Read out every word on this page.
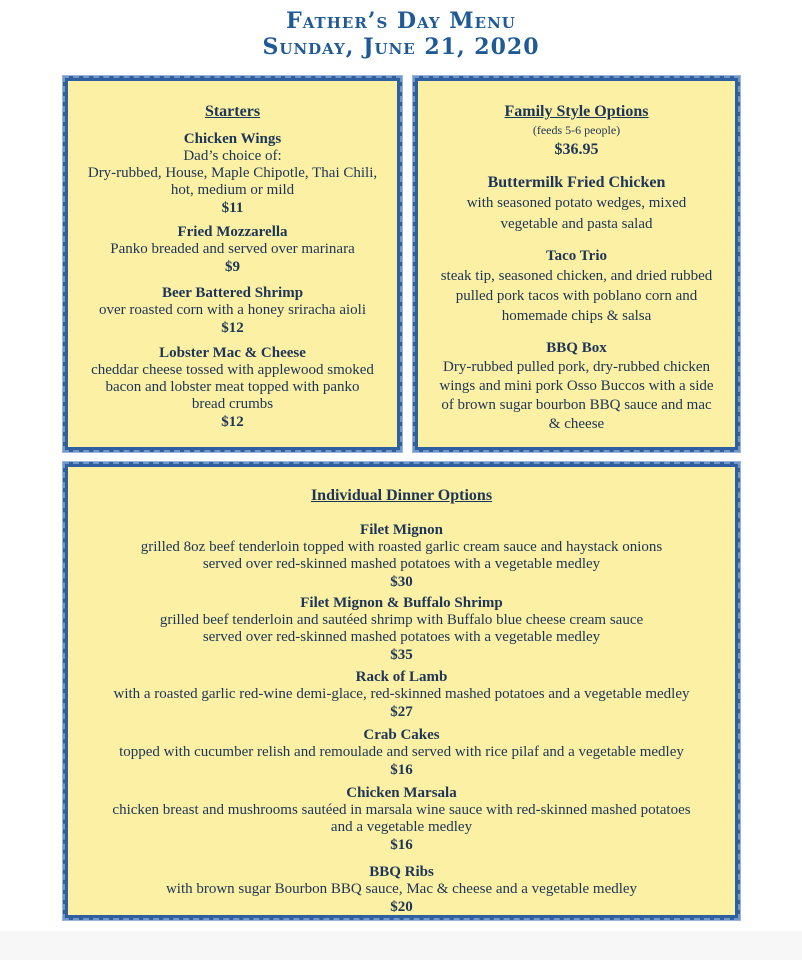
Father’s Day Menu
Sunday, June 21, 2020
Starters
Chicken Wings
Dad’s choice of:
Dry-rubbed, House, Maple Chipotle, Thai Chili,
hot, medium or mild
$11
Fried Mozzarella
Panko breaded and served over marinara
$9
Beer Battered Shrimp
over roasted corn with a honey sriracha aioli
$12
Lobster Mac & Cheese
cheddar cheese tossed with applewood smoked
bacon and lobster meat topped with panko
bread crumbs
$12
Family Style Options
(feeds 5-6 people)
$36.95
Buttermilk Fried Chicken
with seasoned potato wedges, mixed
vegetable and pasta salad
Taco Trio
steak tip, seasoned chicken, and dried rubbed
pulled pork tacos with poblano corn and
homemade chips & salsa
BBQ Box
Dry-rubbed pulled pork, dry-rubbed chicken
wings and mini pork Osso Buccos with a side
of brown sugar bourbon BBQ sauce and mac
& cheese
Individual Dinner Options
Filet Mignon
grilled 8oz beef tenderloin topped with roasted garlic cream sauce and haystack onions
served over red-skinned mashed potatoes with a vegetable medley
$30
Filet Mignon & Buffalo Shrimp
grilled beef tenderloin and sautéed shrimp with Buffalo blue cheese cream sauce
served over red-skinned mashed potatoes with a vegetable medley
$35
Rack of Lamb
with a roasted garlic red-wine demi-glace, red-skinned mashed potatoes and a vegetable medley
$27
Crab Cakes
topped with cucumber relish and remoulade and served with rice pilaf and a vegetable medley
$16
Chicken Marsala
chicken breast and mushrooms sautéed in marsala wine sauce with red-skinned mashed potatoes
and a vegetable medley
$16
BBQ Ribs
with brown sugar Bourbon BBQ sauce, Mac & cheese and a vegetable medley
$20
